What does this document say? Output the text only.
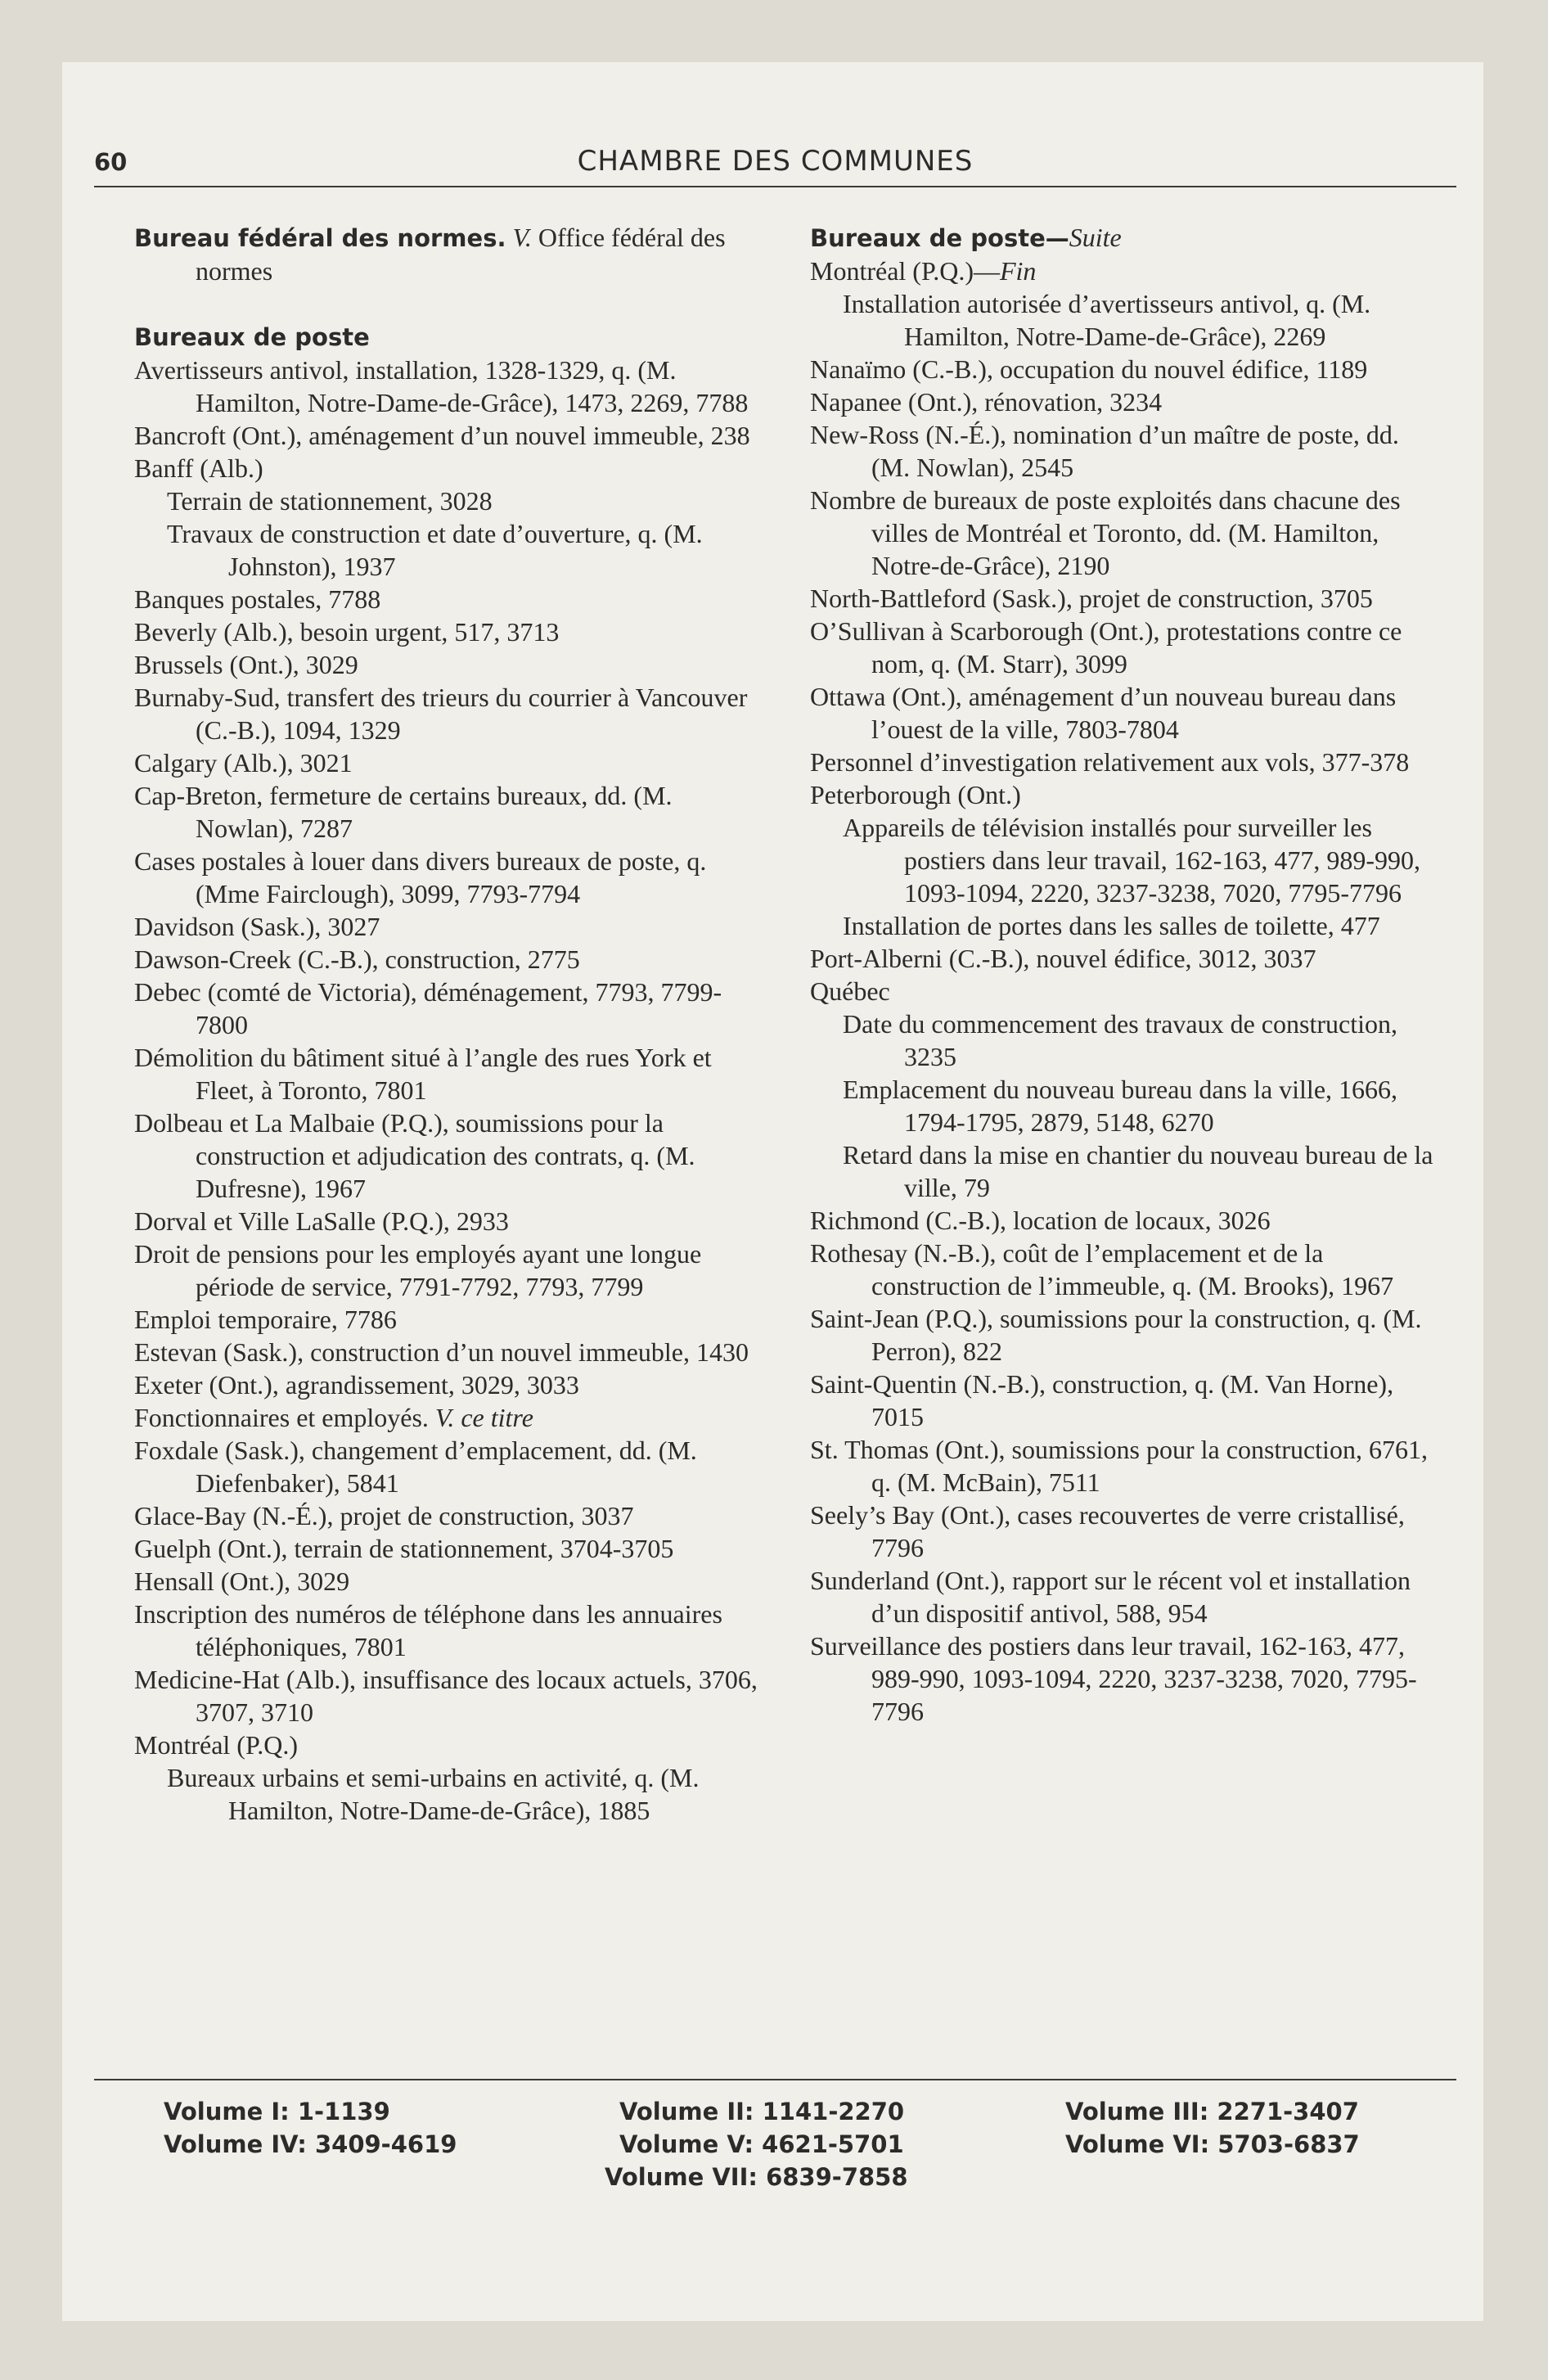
60	CHAMBRE DES COMMUNES

Bureau fédéral des normes. V. Office fédéral des normes

Bureaux de poste

Avertisseurs antivol, installation, 1328-1329, q. (M. Hamilton, Notre-Dame-de-Grâce), 1473, 2269, 7788

Bancroft (Ont.), aménagement d’un nouvel immeuble, 238

Banff (Alb.)

Terrain de stationnement, 3028

Travaux de construction et date d’ouverture, q. (M. Johnston), 1937

Banques postales, 7788

Beverly (Alb.), besoin urgent, 517, 3713

Brussels (Ont.), 3029

Burnaby-Sud, transfert des trieurs du courrier à Vancouver (C.-B.), 1094, 1329

Calgary (Alb.), 3021

Cap-Breton, fermeture de certains bureaux, dd. (M. Nowlan), 7287

Cases postales à louer dans divers bureaux de poste, q. (Mme Fairclough), 3099, 7793-7794

Davidson (Sask.), 3027

Dawson-Creek (C.-B.), construction, 2775

Debec (comté de Victoria), déménagement, 7793, 7799-7800

Démolition du bâtiment situé à l’angle des rues York et Fleet, à Toronto, 7801

Dolbeau et La Malbaie (P.Q.), soumissions pour la construction et adjudication des contrats, q. (M. Dufresne), 1967

Dorval et Ville LaSalle (P.Q.), 2933

Droit de pensions pour les employés ayant une longue période de service, 7791-7792, 7793, 7799

Emploi temporaire, 7786

Estevan (Sask.), construction d’un nouvel immeuble, 1430

Exeter (Ont.), agrandissement, 3029, 3033

Fonctionnaires et employés. V. ce titre

Foxdale (Sask.), changement d’emplacement, dd. (M. Diefenbaker), 5841

Glace-Bay (N.-É.), projet de construction, 3037

Guelph (Ont.), terrain de stationnement, 3704-3705

Hensall (Ont.), 3029

Inscription des numéros de téléphone dans les annuaires téléphoniques, 7801

Medicine-Hat (Alb.), insuffisance des locaux actuels, 3706, 3707, 3710

Montréal (P.Q.)

Bureaux urbains et semi-urbains en activité, q. (M. Hamilton, Notre-Dame-de-Grâce), 1885

Bureaux de poste—Suite

Montréal (P.Q.)—Fin

Installation autorisée d’avertisseurs antivol, q. (M. Hamilton, Notre-Dame-de-Grâce), 2269

Nanaïmo (C.-B.), occupation du nouvel édifice, 1189

Napanee (Ont.), rénovation, 3234

New-Ross (N.-É.), nomination d’un maître de poste, dd. (M. Nowlan), 2545

Nombre de bureaux de poste exploités dans chacune des villes de Montréal et Toronto, dd. (M. Hamilton, Notre-de-Grâce), 2190

North-Battleford (Sask.), projet de construction, 3705

O’Sullivan à Scarborough (Ont.), protestations contre ce nom, q. (M. Starr), 3099

Ottawa (Ont.), aménagement d’un nouveau bureau dans l’ouest de la ville, 7803-7804

Personnel d’investigation relativement aux vols, 377-378

Peterborough (Ont.)

Appareils de télévision installés pour surveiller les postiers dans leur travail, 162-163, 477, 989-990, 1093-1094, 2220, 3237-3238, 7020, 7795-7796

Installation de portes dans les salles de toilette, 477

Port-Alberni (C.-B.), nouvel édifice, 3012, 3037

Québec

Date du commencement des travaux de construction, 3235

Emplacement du nouveau bureau dans la ville, 1666, 1794-1795, 2879, 5148, 6270

Retard dans la mise en chantier du nouveau bureau de la ville, 79

Richmond (C.-B.), location de locaux, 3026

Rothesay (N.-B.), coût de l’emplacement et de la construction de l’immeuble, q. (M. Brooks), 1967

Saint-Jean (P.Q.), soumissions pour la construction, q. (M. Perron), 822

Saint-Quentin (N.-B.), construction, q. (M. Van Horne), 7015

St. Thomas (Ont.), soumissions pour la construction, 6761, q. (M. McBain), 7511

Seely’s Bay (Ont.), cases recouvertes de verre cristallisé, 7796

Sunderland (Ont.), rapport sur le récent vol et installation d’un dispositif antivol, 588, 954

Surveillance des postiers dans leur travail, 162-163, 477, 989-990, 1093-1094, 2220, 3237-3238, 7020, 7795-7796

Volume I: 1-1139	Volume II: 1141-2270	Volume III: 2271-3407
Volume IV: 3409-4619	Volume V: 4621-5701	Volume VI: 5703-6837
Volume VII: 6839-7858
